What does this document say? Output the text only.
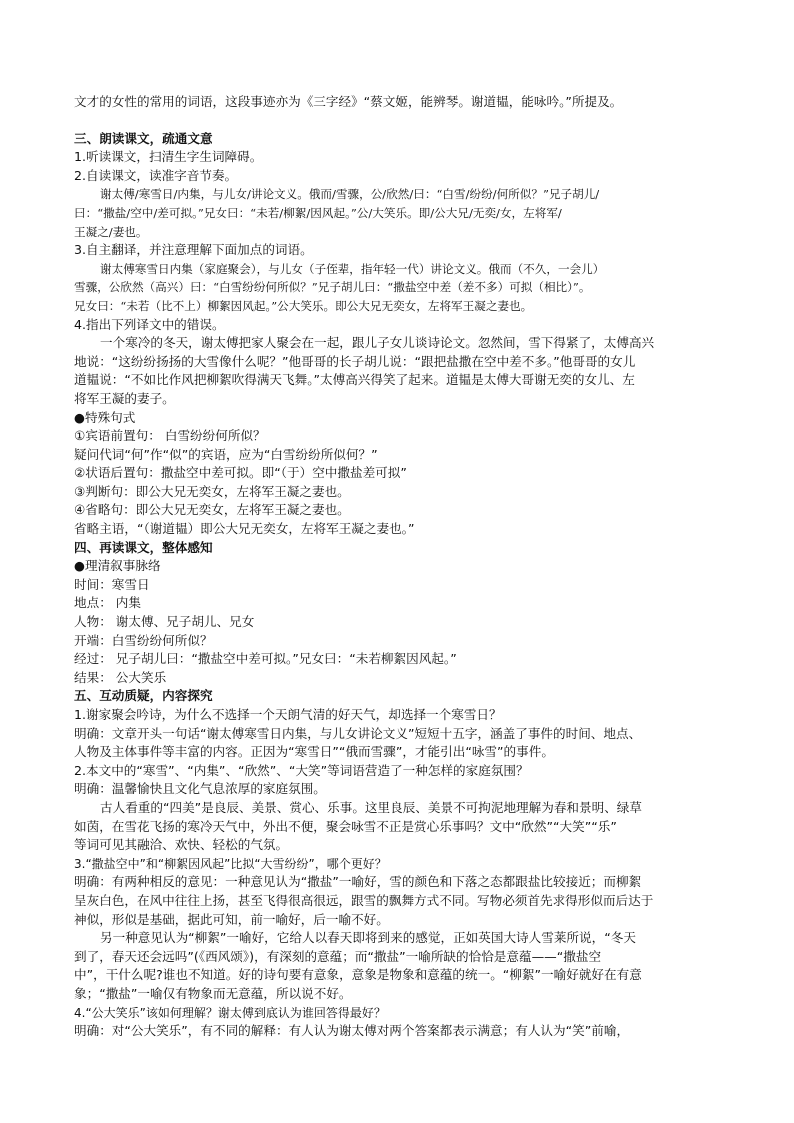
文才的女性的常用的词语，这段事迹亦为《三字经》“蔡文姬，能辨琴。谢道韫，能咏吟。”所提及。
三、朗读课文，疏通文意
1.听读课文，扫清生字生词障碍。
2.自读课文，读准字音节奏。
谢太傅/寒雪日/内集，与儿女/讲论文义。俄而/雪骤，公/欣然/曰：“白雪/纷纷/何所似？”兄子胡儿/
曰：“撒盐/空中/差可拟。”兄女曰：“未若/柳絮/因风起。”公/大笑乐。即/公大兄/无奕/女，左将军/
王凝之/妻也。
3.自主翻译，并注意理解下面加点的词语。
谢太傅寒雪日内集（家庭聚会），与儿女（子侄辈，指年轻一代）讲论文义。俄而（不久，一会儿）
雪骤，公欣然（高兴）曰：“白雪纷纷何所似？”兄子胡儿曰：“撒盐空中差（差不多）可拟（相比）”。
兄女曰：“未若（比不上）柳絮因风起。”公大笑乐。即公大兄无奕女，左将军王凝之妻也。
4.指出下列译文中的错误。
一个寒冷的冬天，谢太傅把家人聚会在一起，跟儿子女儿谈诗论文。忽然间，雪下得紧了，太傅高兴
地说：“这纷纷扬扬的大雪像什么呢？”他哥哥的长子胡儿说：“跟把盐撒在空中差不多。”他哥哥的女儿
道韫说：“不如比作风把柳絮吹得满天飞舞。”太傅高兴得笑了起来。道韫是太傅大哥谢无奕的女儿、左
将军王凝的妻子。
●特殊句式
①宾语前置句： 白雪纷纷何所似？
疑问代词“何”作“似”的宾语，应为“白雪纷纷所似何？”
②状语后置句：撒盐空中差可拟。即“（于）空中撒盐差可拟”
③判断句：即公大兄无奕女，左将军王凝之妻也。
④省略句：即公大兄无奕女，左将军王凝之妻也。
省略主语，“（谢道韫）即公大兄无奕女，左将军王凝之妻也。”
四、再读课文，整体感知
●理清叙事脉络
时间：寒雪日
地点： 内集
人物： 谢太傅、兄子胡儿、兄女
开端：白雪纷纷何所似？
经过： 兄子胡儿曰：“撒盐空中差可拟。”兄女曰：“未若柳絮因风起。”
结果： 公大笑乐
五、互动质疑，内容探究
1.谢家聚会吟诗，为什么不选择一个天朗气清的好天气，却选择一个寒雪日？
明确：文章开头一句话“谢太傅寒雪日内集，与儿女讲论文义”短短十五字，涵盖了事件的时间、地点、
人物及主体事件等丰富的内容。正因为“寒雪日”“俄而雪骤”，才能引出“咏雪”的事件。
2.本文中的“寒雪”、“内集”、“欣然”、“大笑”等词语营造了一种怎样的家庭氛围？
明确：温馨愉快且文化气息浓厚的家庭氛围。
古人看重的“四美”是良辰、美景、赏心、乐事。这里良辰、美景不可拘泥地理解为春和景明、绿草
如茵，在雪花飞扬的寒冷天气中，外出不便，聚会咏雪不正是赏心乐事吗？文中“欣然”“大笑”“乐”
等词可见其融洽、欢快、轻松的气氛。
3.“撒盐空中”和“柳絮因风起”比拟“大雪纷纷”，哪个更好？
明确：有两种相反的意见：一种意见认为“撒盐”一喻好，雪的颜色和下落之态都跟盐比较接近；而柳絮
呈灰白色，在风中往往上扬，甚至飞得很高很远，跟雪的飘舞方式不同。写物必须首先求得形似而后达于
神似，形似是基础，据此可知，前一喻好，后一喻不好。
另一种意见认为“柳絮”一喻好，它给人以春天即将到来的感觉，正如英国大诗人雪莱所说，“冬天
到了，春天还会远吗”(《西风颂》)，有深刻的意蕴；而“撒盐”一喻所缺的恰恰是意蕴——“撒盐空
中”，干什么呢?谁也不知道。好的诗句要有意象，意象是物象和意蕴的统一。“柳絮”一喻好就好在有意
象；“撒盐”一喻仅有物象而无意蕴，所以说不好。
4.“公大笑乐”该如何理解？谢太傅到底认为谁回答得最好？
明确：对“公大笑乐”，有不同的解释：有人认为谢太傅对两个答案都表示满意；有人认为“笑”前喻，
